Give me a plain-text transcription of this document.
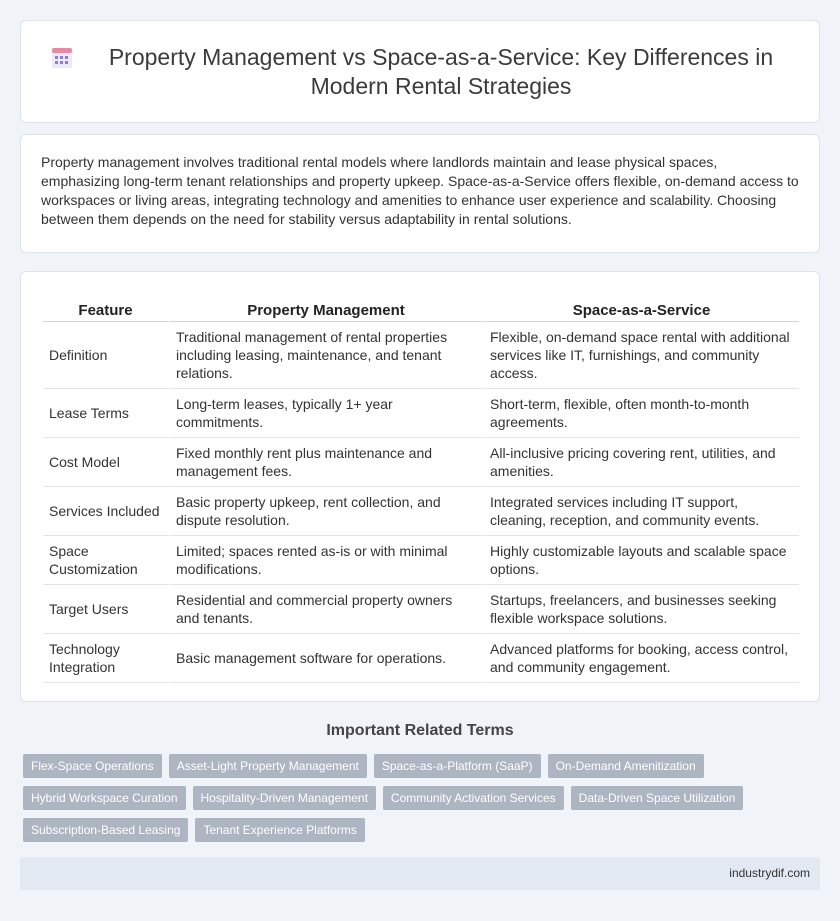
Property Management vs Space-as-a-Service: Key Differences in Modern Rental Strategies

Property management involves traditional rental models where landlords maintain and lease physical spaces, emphasizing long-term tenant relationships and property upkeep. Space-as-a-Service offers flexible, on-demand access to workspaces or living areas, integrating technology and amenities to enhance user experience and scalability. Choosing between them depends on the need for stability versus adaptability in rental solutions.

Feature	Property Management	Space-as-a-Service
Definition	Traditional management of rental properties including leasing, maintenance, and tenant relations.	Flexible, on-demand space rental with additional services like IT, furnishings, and community access.
Lease Terms	Long-term leases, typically 1+ year commitments.	Short-term, flexible, often month-to-month agreements.
Cost Model	Fixed monthly rent plus maintenance and management fees.	All-inclusive pricing covering rent, utilities, and amenities.
Services Included	Basic property upkeep, rent collection, and dispute resolution.	Integrated services including IT support, cleaning, reception, and community events.
Space Customization	Limited; spaces rented as-is or with minimal modifications.	Highly customizable layouts and scalable space options.
Target Users	Residential and commercial property owners and tenants.	Startups, freelancers, and businesses seeking flexible workspace solutions.
Technology Integration	Basic management software for operations.	Advanced platforms for booking, access control, and community engagement.
Important Related Terms
Flex-Space Operations	Asset-Light Property Management	Space-as-a-Platform (SaaP)	On-Demand Amenitization
Hybrid Workspace Curation	Hospitality-Driven Management	Community Activation Services	Data-Driven Space Utilization
Subscription-Based Leasing	Tenant Experience Platforms
industrydif.com
